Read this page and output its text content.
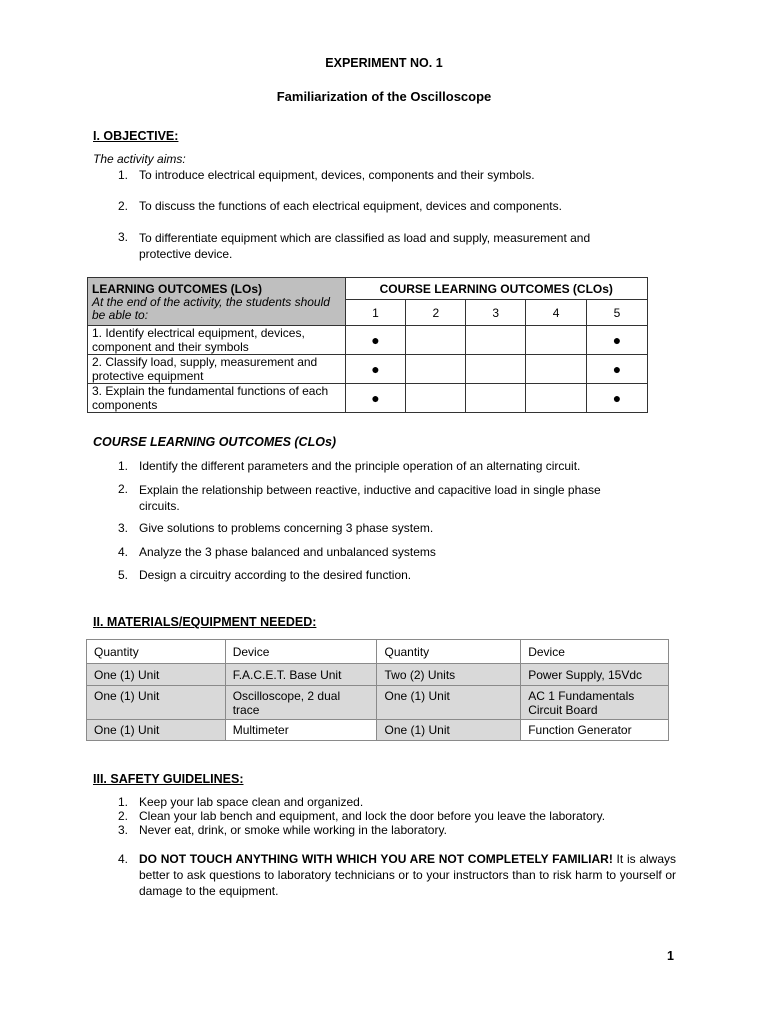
EXPERIMENT NO. 1
Familiarization of the Oscilloscope
I. OBJECTIVE:
The activity aims:
1. To introduce electrical equipment, devices, components and their symbols.
2. To discuss the functions of each electrical equipment, devices and components.
3. To differentiate equipment which are classified as load and supply, measurement and protective device.
LEARNING OUTCOMES (LOs)
At the end of the activity, the students should be able to:	COURSE LEARNING OUTCOMES (CLOs)				
	1	2	3	4	5
1. Identify electrical equipment, devices, component and their symbols	●				●

2. Classify load, supply, measurement and protective equipment	●				●

3. Explain the fundamental functions of each components	●				●
COURSE LEARNING OUTCOMES (CLOs)
1. Identify the different parameters and the principle operation of an alternating circuit.
2. Explain the relationship between reactive, inductive and capacitive load in single phase circuits.
3. Give solutions to problems concerning 3 phase system.
4. Analyze the 3 phase balanced and unbalanced systems
5. Design a circuitry according to the desired function.
II. MATERIALS/EQUIPMENT NEEDED:
Quantity	Device	Quantity	Device
One (1) Unit	F.A.C.E.T. Base Unit	Two (2) Units	Power Supply, 15Vdc
One (1) Unit	Oscilloscope, 2 dual trace	One (1) Unit	AC 1 Fundamentals Circuit Board
One (1) Unit	Multimeter	One (1) Unit	Function Generator
III. SAFETY GUIDELINES:
1. Keep your lab space clean and organized.
2. Clean your lab bench and equipment, and lock the door before you leave the laboratory.
3. Never eat, drink, or smoke while working in the laboratory.
4. DO NOT TOUCH ANYTHING WITH WHICH YOU ARE NOT COMPLETELY FAMILIAR! It is always better to ask questions to laboratory technicians or to your instructors than to risk harm to yourself or damage to the equipment.
1
